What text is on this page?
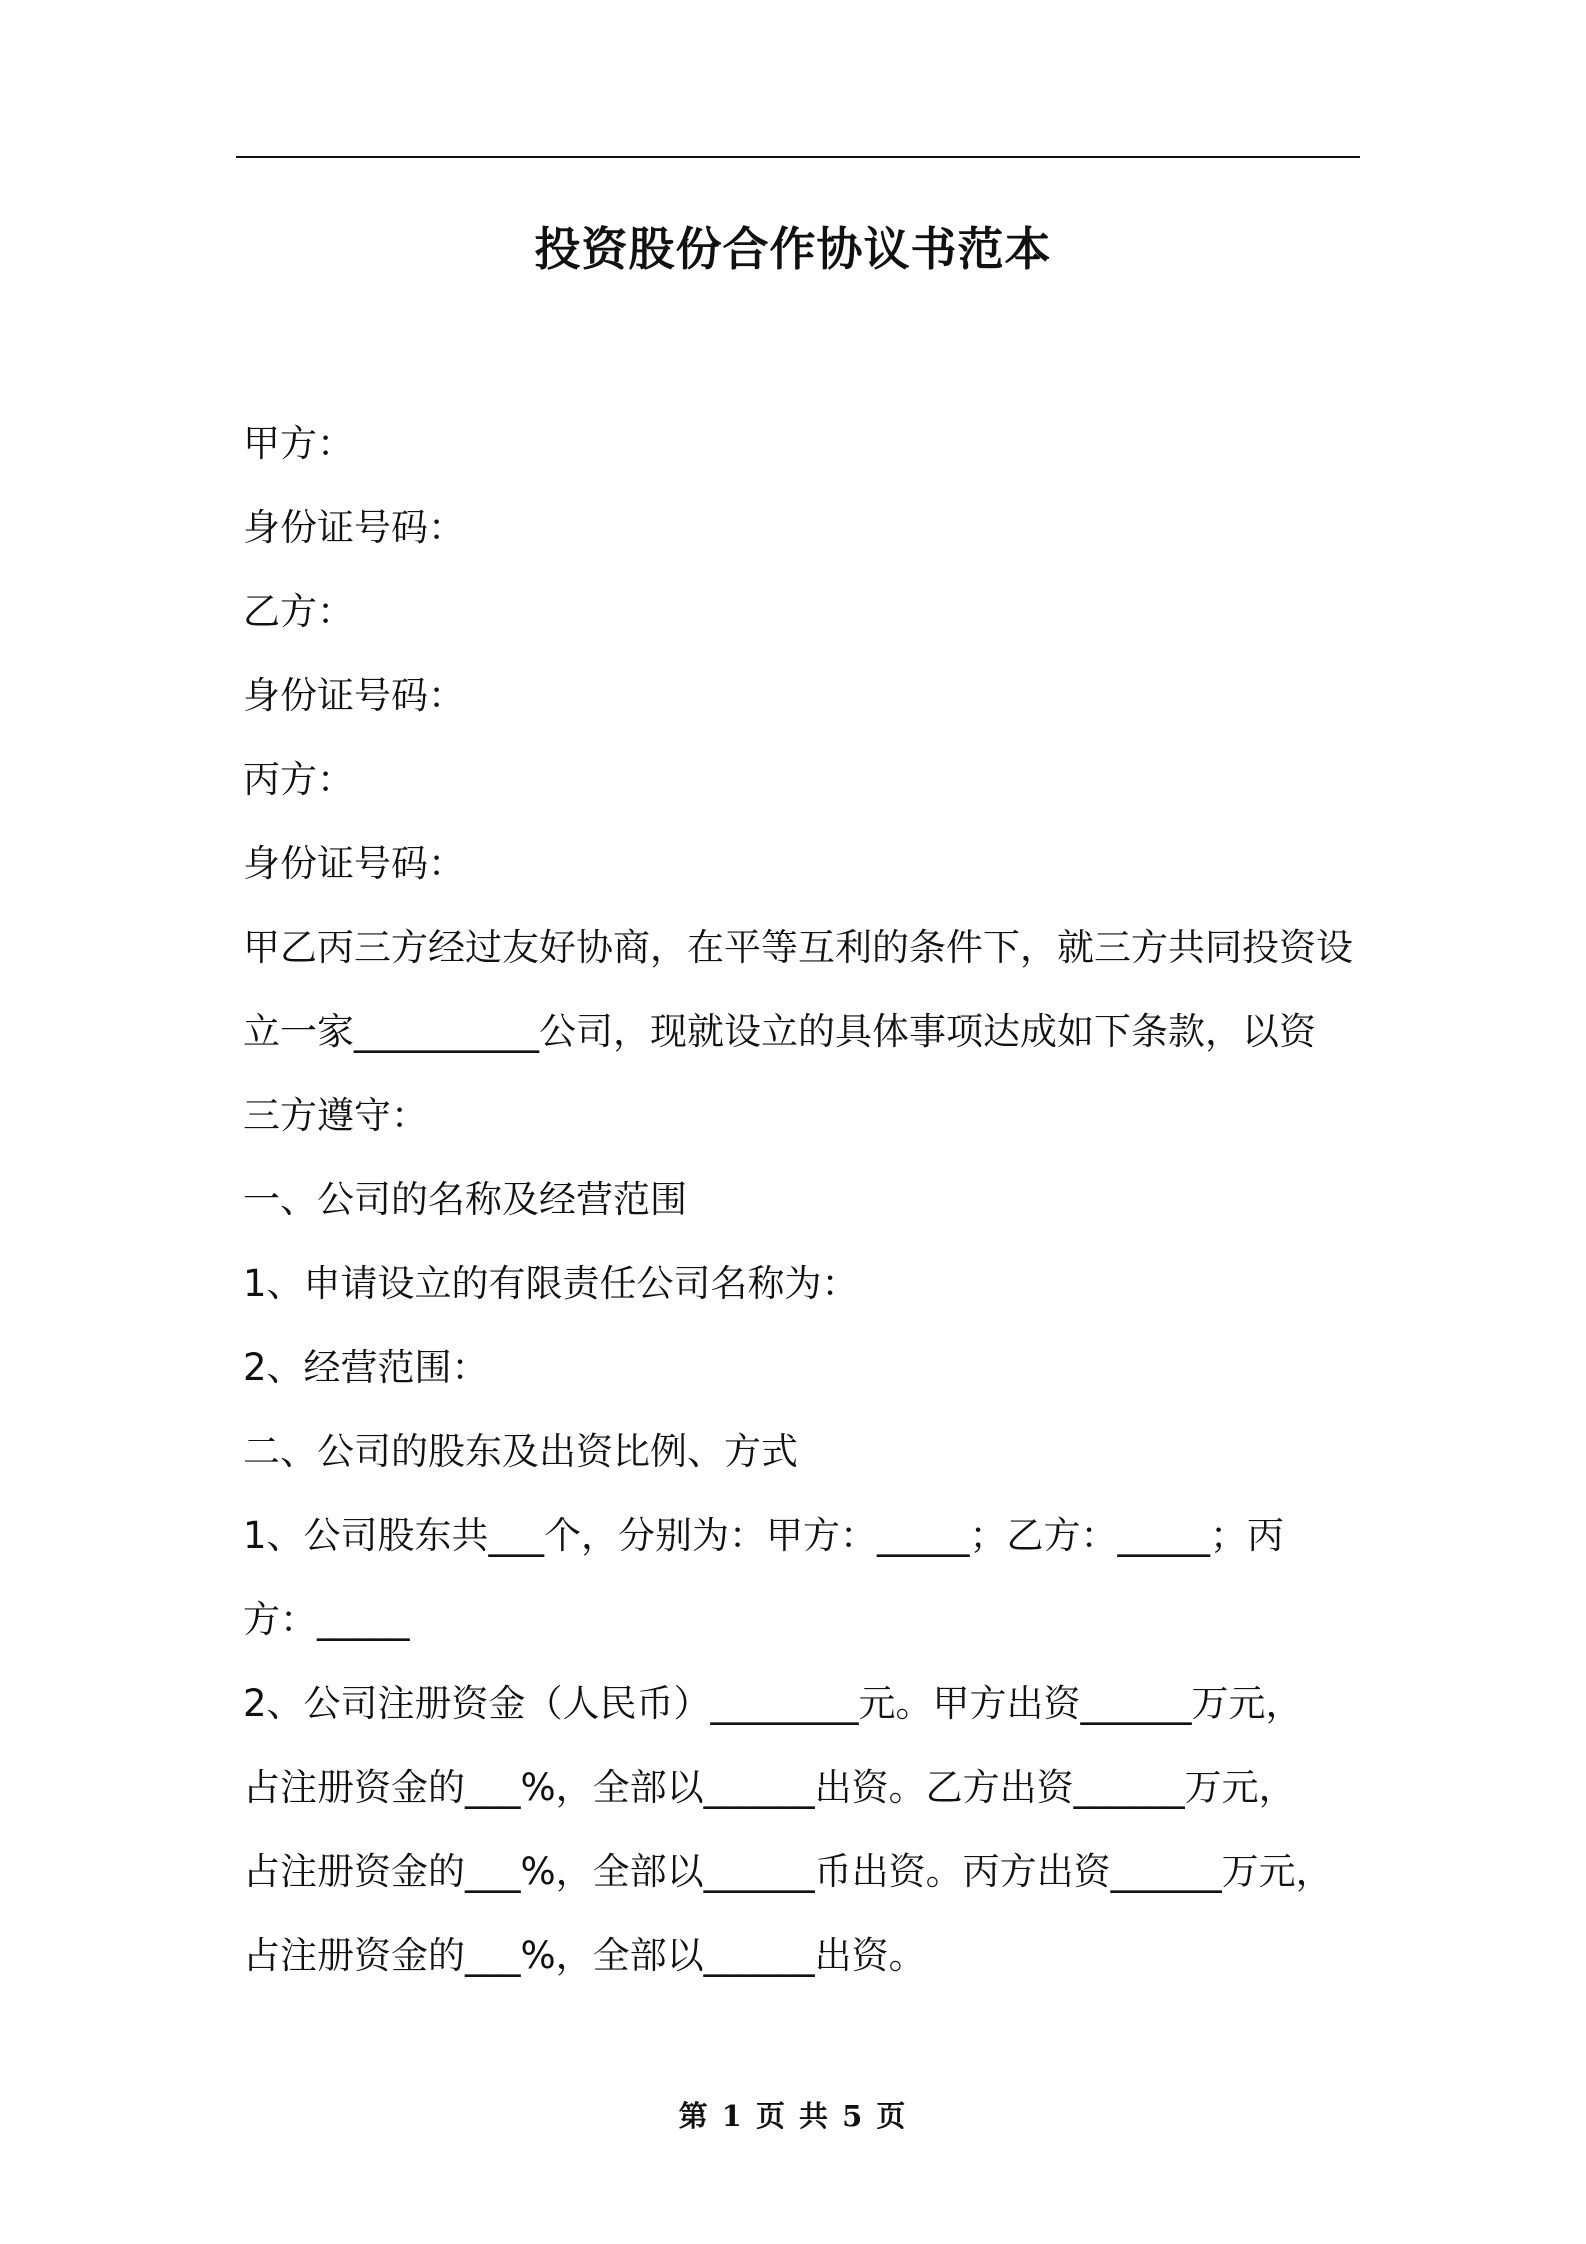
投资股份合作协议书范本

甲方：

身份证号码：

乙方：

身份证号码：

丙方：

身份证号码：

甲乙丙三方经过友好协商，在平等互利的条件下，就三方共同投资设

立一家__________公司，现就设立的具体事项达成如下条款，以资

三方遵守：

一、公司的名称及经营范围

1、申请设立的有限责任公司名称为：

2、经营范围：

二、公司的股东及出资比例、方式

1、公司股东共___个，分别为：甲方：_____；乙方：_____；丙

方：_____

2、公司注册资金（人民币）________元。甲方出资______万元，

占注册资金的___%，全部以______出资。乙方出资______万元，

占注册资金的___%，全部以______币出资。丙方出资______万元，

占注册资金的___%，全部以______出资。

第 1 页 共 5 页
